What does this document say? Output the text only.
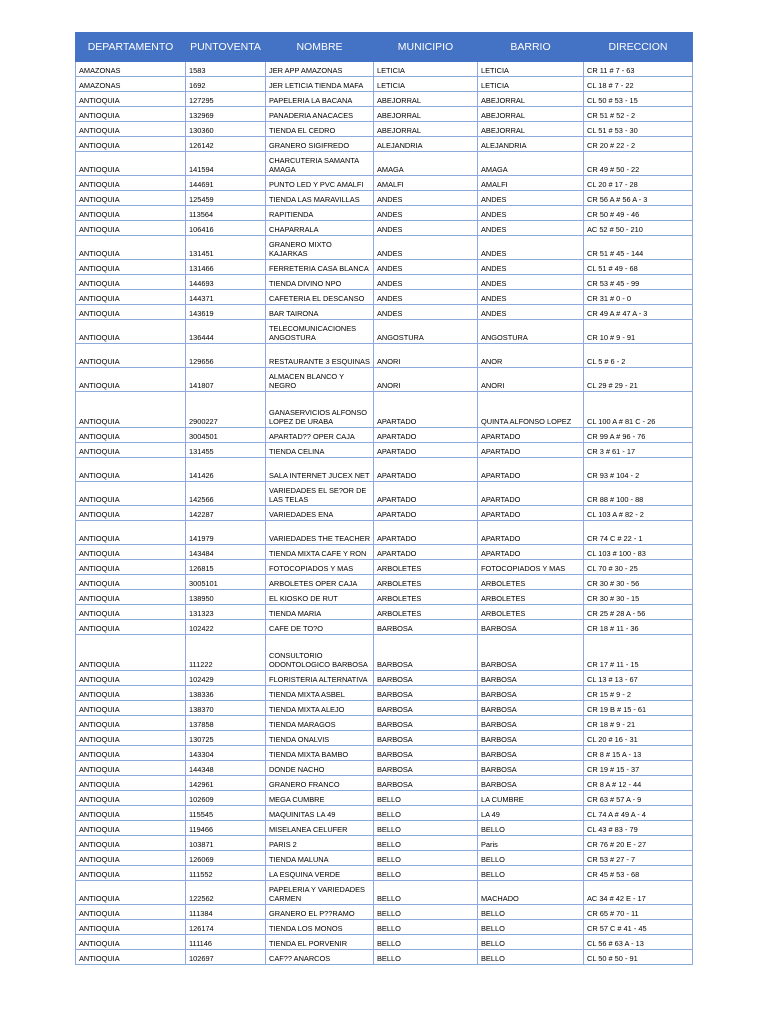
DEPARTAMENTO	PUNTOVENTA	NOMBRE	MUNICIPIO	BARRIO	DIRECCION
AMAZONAS	1583	JER APP AMAZONAS	LETICIA	LETICIA	CR 11 # 7 - 63
AMAZONAS	1692	JER LETICIA TIENDA MAFA	LETICIA	LETICIA	CL 18 # 7 - 22
ANTIOQUIA	127295	PAPELERIA LA BACANA	ABEJORRAL	ABEJORRAL	CL 50 # 53 - 15
ANTIOQUIA	132969	PANADERIA ANACACES	ABEJORRAL	ABEJORRAL	CR 51 # 52 - 2
ANTIOQUIA	130360	TIENDA EL CEDRO	ABEJORRAL	ABEJORRAL	CL 51 # 53 - 30
ANTIOQUIA	126142	GRANERO SIGIFREDO	ALEJANDRIA	ALEJANDRIA	CR 20 # 22 - 2
ANTIOQUIA	141594	CHARCUTERIA SAMANTA AMAGA	AMAGA	AMAGA	CR 49 # 50 - 22
ANTIOQUIA	144691	PUNTO LED Y PVC AMALFI	AMALFI	AMALFI	CL 20 # 17 - 28
ANTIOQUIA	125459	TIENDA LAS MARAVILLAS	ANDES	ANDES	CR 56 A # 56 A - 3
ANTIOQUIA	113564	RAPITIENDA	ANDES	ANDES	CR 50 # 49 - 46
ANTIOQUIA	106416	CHAPARRALA	ANDES	ANDES	AC 52 # 50 - 210
ANTIOQUIA	131451	GRANERO MIXTO KAJARKAS	ANDES	ANDES	CR 51 # 45 - 144
ANTIOQUIA	131466	FERRETERIA CASA BLANCA	ANDES	ANDES	CL 51 # 49 - 68
ANTIOQUIA	144693	TIENDA DIVINO NPO	ANDES	ANDES	CR 53 # 45 - 99
ANTIOQUIA	144371	CAFETERIA EL DESCANSO	ANDES	ANDES	CR 31 # 0 - 0
ANTIOQUIA	143619	BAR TAIRONA	ANDES	ANDES	CR 49 A # 47 A - 3
ANTIOQUIA	136444	TELECOMUNICACIONES ANGOSTURA	ANGOSTURA	ANGOSTURA	CR 10 # 9 - 91
ANTIOQUIA	129656	RESTAURANTE 3 ESQUINAS	ANORI	ANOR	CL 5 # 6 - 2
ANTIOQUIA	141807	ALMACEN BLANCO Y NEGRO	ANORI	ANORI	CL 29 # 29 - 21
ANTIOQUIA	2900227	GANASERVICIOS ALFONSO LOPEZ DE URABA	APARTADO	QUINTA ALFONSO LOPEZ	CL 100 A # 81 C - 26
ANTIOQUIA	3004501	APARTAD?? OPER CAJA	APARTADO	APARTADO	CR 99 A # 96 - 76
ANTIOQUIA	131455	TIENDA CELINA	APARTADO	APARTADO	CR 3 # 61 - 17
ANTIOQUIA	141426	SALA INTERNET JUCEX NET	APARTADO	APARTADO	CR 93 # 104 - 2
ANTIOQUIA	142566	VARIEDADES EL SE?OR DE LAS TELAS	APARTADO	APARTADO	CR 88 # 100 - 88
ANTIOQUIA	142287	VARIEDADES ENA	APARTADO	APARTADO	CL 103 A # 82 - 2
ANTIOQUIA	141979	VARIEDADES THE TEACHER	APARTADO	APARTADO	CR 74 C # 22 - 1
ANTIOQUIA	143484	TIENDA MIXTA CAFE Y RON	APARTADO	APARTADO	CL 103 # 100 - 83
ANTIOQUIA	126815	FOTOCOPIADOS Y MAS	ARBOLETES	FOTOCOPIADOS Y MAS	CL 70 # 30 - 25
ANTIOQUIA	3005101	ARBOLETES OPER CAJA	ARBOLETES	ARBOLETES	CR 30 # 30 - 56
ANTIOQUIA	138950	EL KIOSKO DE RUT	ARBOLETES	ARBOLETES	CR 30 # 30 - 15
ANTIOQUIA	131323	TIENDA MARIA	ARBOLETES	ARBOLETES	CR 25 # 28 A - 56
ANTIOQUIA	102422	CAFE DE TO?O	BARBOSA	BARBOSA	CR 18 # 11 - 36
ANTIOQUIA	111222	CONSULTORIO ODONTOLOGICO BARBOSA	BARBOSA	BARBOSA	CR 17 # 11 - 15
ANTIOQUIA	102429	FLORISTERIA ALTERNATIVA	BARBOSA	BARBOSA	CL 13 # 13 - 67
ANTIOQUIA	138336	TIENDA MIXTA ASBEL	BARBOSA	BARBOSA	CR 15 # 9 - 2
ANTIOQUIA	138370	TIENDA MIXTA ALEJO	BARBOSA	BARBOSA	CR 19 B # 15 - 61
ANTIOQUIA	137858	TIENDA MARAGOS	BARBOSA	BARBOSA	CR 18 # 9 - 21
ANTIOQUIA	130725	TIENDA ONALVIS	BARBOSA	BARBOSA	CL 20 # 16 - 31
ANTIOQUIA	143304	TIENDA MIXTA BAMBO	BARBOSA	BARBOSA	CR 8 # 15 A - 13
ANTIOQUIA	144348	DONDE NACHO	BARBOSA	BARBOSA	CR 19 # 15 - 37
ANTIOQUIA	142961	GRANERO FRANCO	BARBOSA	BARBOSA	CR 8 A # 12 - 44
ANTIOQUIA	102609	MEGA CUMBRE	BELLO	LA CUMBRE	CR 63 # 57 A - 9
ANTIOQUIA	115545	MAQUINITAS LA 49	BELLO	LA 49	CL 74 A # 49 A - 4
ANTIOQUIA	119466	MISELANEA CELUFER	BELLO	BELLO	CL 43 # 83 - 79
ANTIOQUIA	103871	PARIS 2	BELLO	Paris	CR 76 # 20 E - 27
ANTIOQUIA	126069	TIENDA MALUNA	BELLO	BELLO	CR 53 # 27 - 7
ANTIOQUIA	111552	LA ESQUINA VERDE	BELLO	BELLO	CR 45 # 53 - 68
ANTIOQUIA	122562	PAPELERIA Y VARIEDADES CARMEN	BELLO	MACHADO	AC 34 # 42 E - 17
ANTIOQUIA	111384	GRANERO EL P??RAMO	BELLO	BELLO	CR 65 # 70 - 11
ANTIOQUIA	126174	TIENDA LOS MONOS	BELLO	BELLO	CR 57 C # 41 - 45
ANTIOQUIA	111146	TIENDA EL PORVENIR	BELLO	BELLO	CL 56 # 63 A - 13
ANTIOQUIA	102697	CAF?? ANARCOS	BELLO	BELLO	CL 50 # 50 - 91
